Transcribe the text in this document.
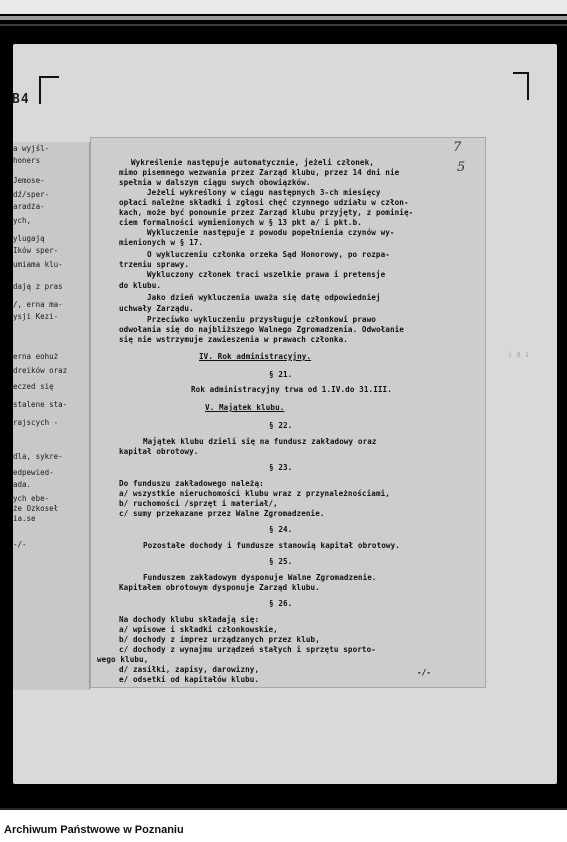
B4
a wyjśl-
honers
Jemose-
dź/sper-
aradża-
ych,
ylugają
Ików sper-
umiama klu-
dają z pras
/, erna ma-
ysji Kezi-
erna eohuż
dreików oraz
eczed się
stalene sta-
rajscych -
dla, sykre-
edpewied-
ada.
ych ebe-
że Ozkoseł
ia.se
-/-
7
5
Wykreślenie następuje automatycznie, jeżeli członek,
mimo pisemnego wezwania przez Zarząd klubu, przez 14 dni nie
spełnia w dalszym ciągu swych obowiązków.
Jeżeli wykreślony w ciągu następnych 3-ch miesięcy
opłaci należne składki i zgłosi chęć czynnego udziału w człon-
kach, może być ponownie przez Zarząd klubu przyjęty, z pominię-
ciem formalności wymienionych w § 13 pkt a/ i pkt.b.
Wykluczenie następuje z powodu popełnienia czynów wy-
mienionych w § 17.
O wykluczeniu członka orzeka Sąd Honorowy, po rozpa-
trzeniu sprawy.
Wykluczony członek traci wszelkie prawa i pretensje
do klubu.
Jako dzień wykluczenia uważa się datę odpowiedniej
uchwały Zarządu.
Przeciwko wykluczeniu przysługuje członkowi prawo
odwołania się do najbliższego Walnego Zgromadzenia. Odwołanie
się nie wstrzymuje zawieszenia w prawach członka.
IV. Rok administracyjny.
§ 21.
Rok administracyjny trwa od 1.IV.do 31.III.
V. Majątek klubu.
§ 22.
Majątek klubu dzieli się na fundusz zakładowy oraz
kapitał obrotowy.
§ 23.
Do funduszu zakładowego należą:
a/ wszystkie nieruchomości klubu wraz z przynależnościami,
b/ ruchomości /sprzęt i materiał/,
c/ sumy przekazane przez Walne Zgromadzenie.
§ 24.
Pozostałe dochody i fundusze stanowią kapitał obrotowy.
§ 25.
Funduszem zakładowym dysponuje Walne Zgromadzenie.
Kapitałem obrotowym dysponuje Zarząd klubu.
§ 26.
Na dochody klubu składają się:
a/ wpisowe i składki członkowskie,
b/ dochody z imprez urządzanych przez klub,
c/ dochody z wynajmu urządzeń stałych i sprzętu sporto-
wego klubu,
d/ zasiłki, zapisy, darowizny,
e/ odsetki od kapitałów klubu.
-/-
[ 8 1
Archiwum Państwowe w Poznaniu
